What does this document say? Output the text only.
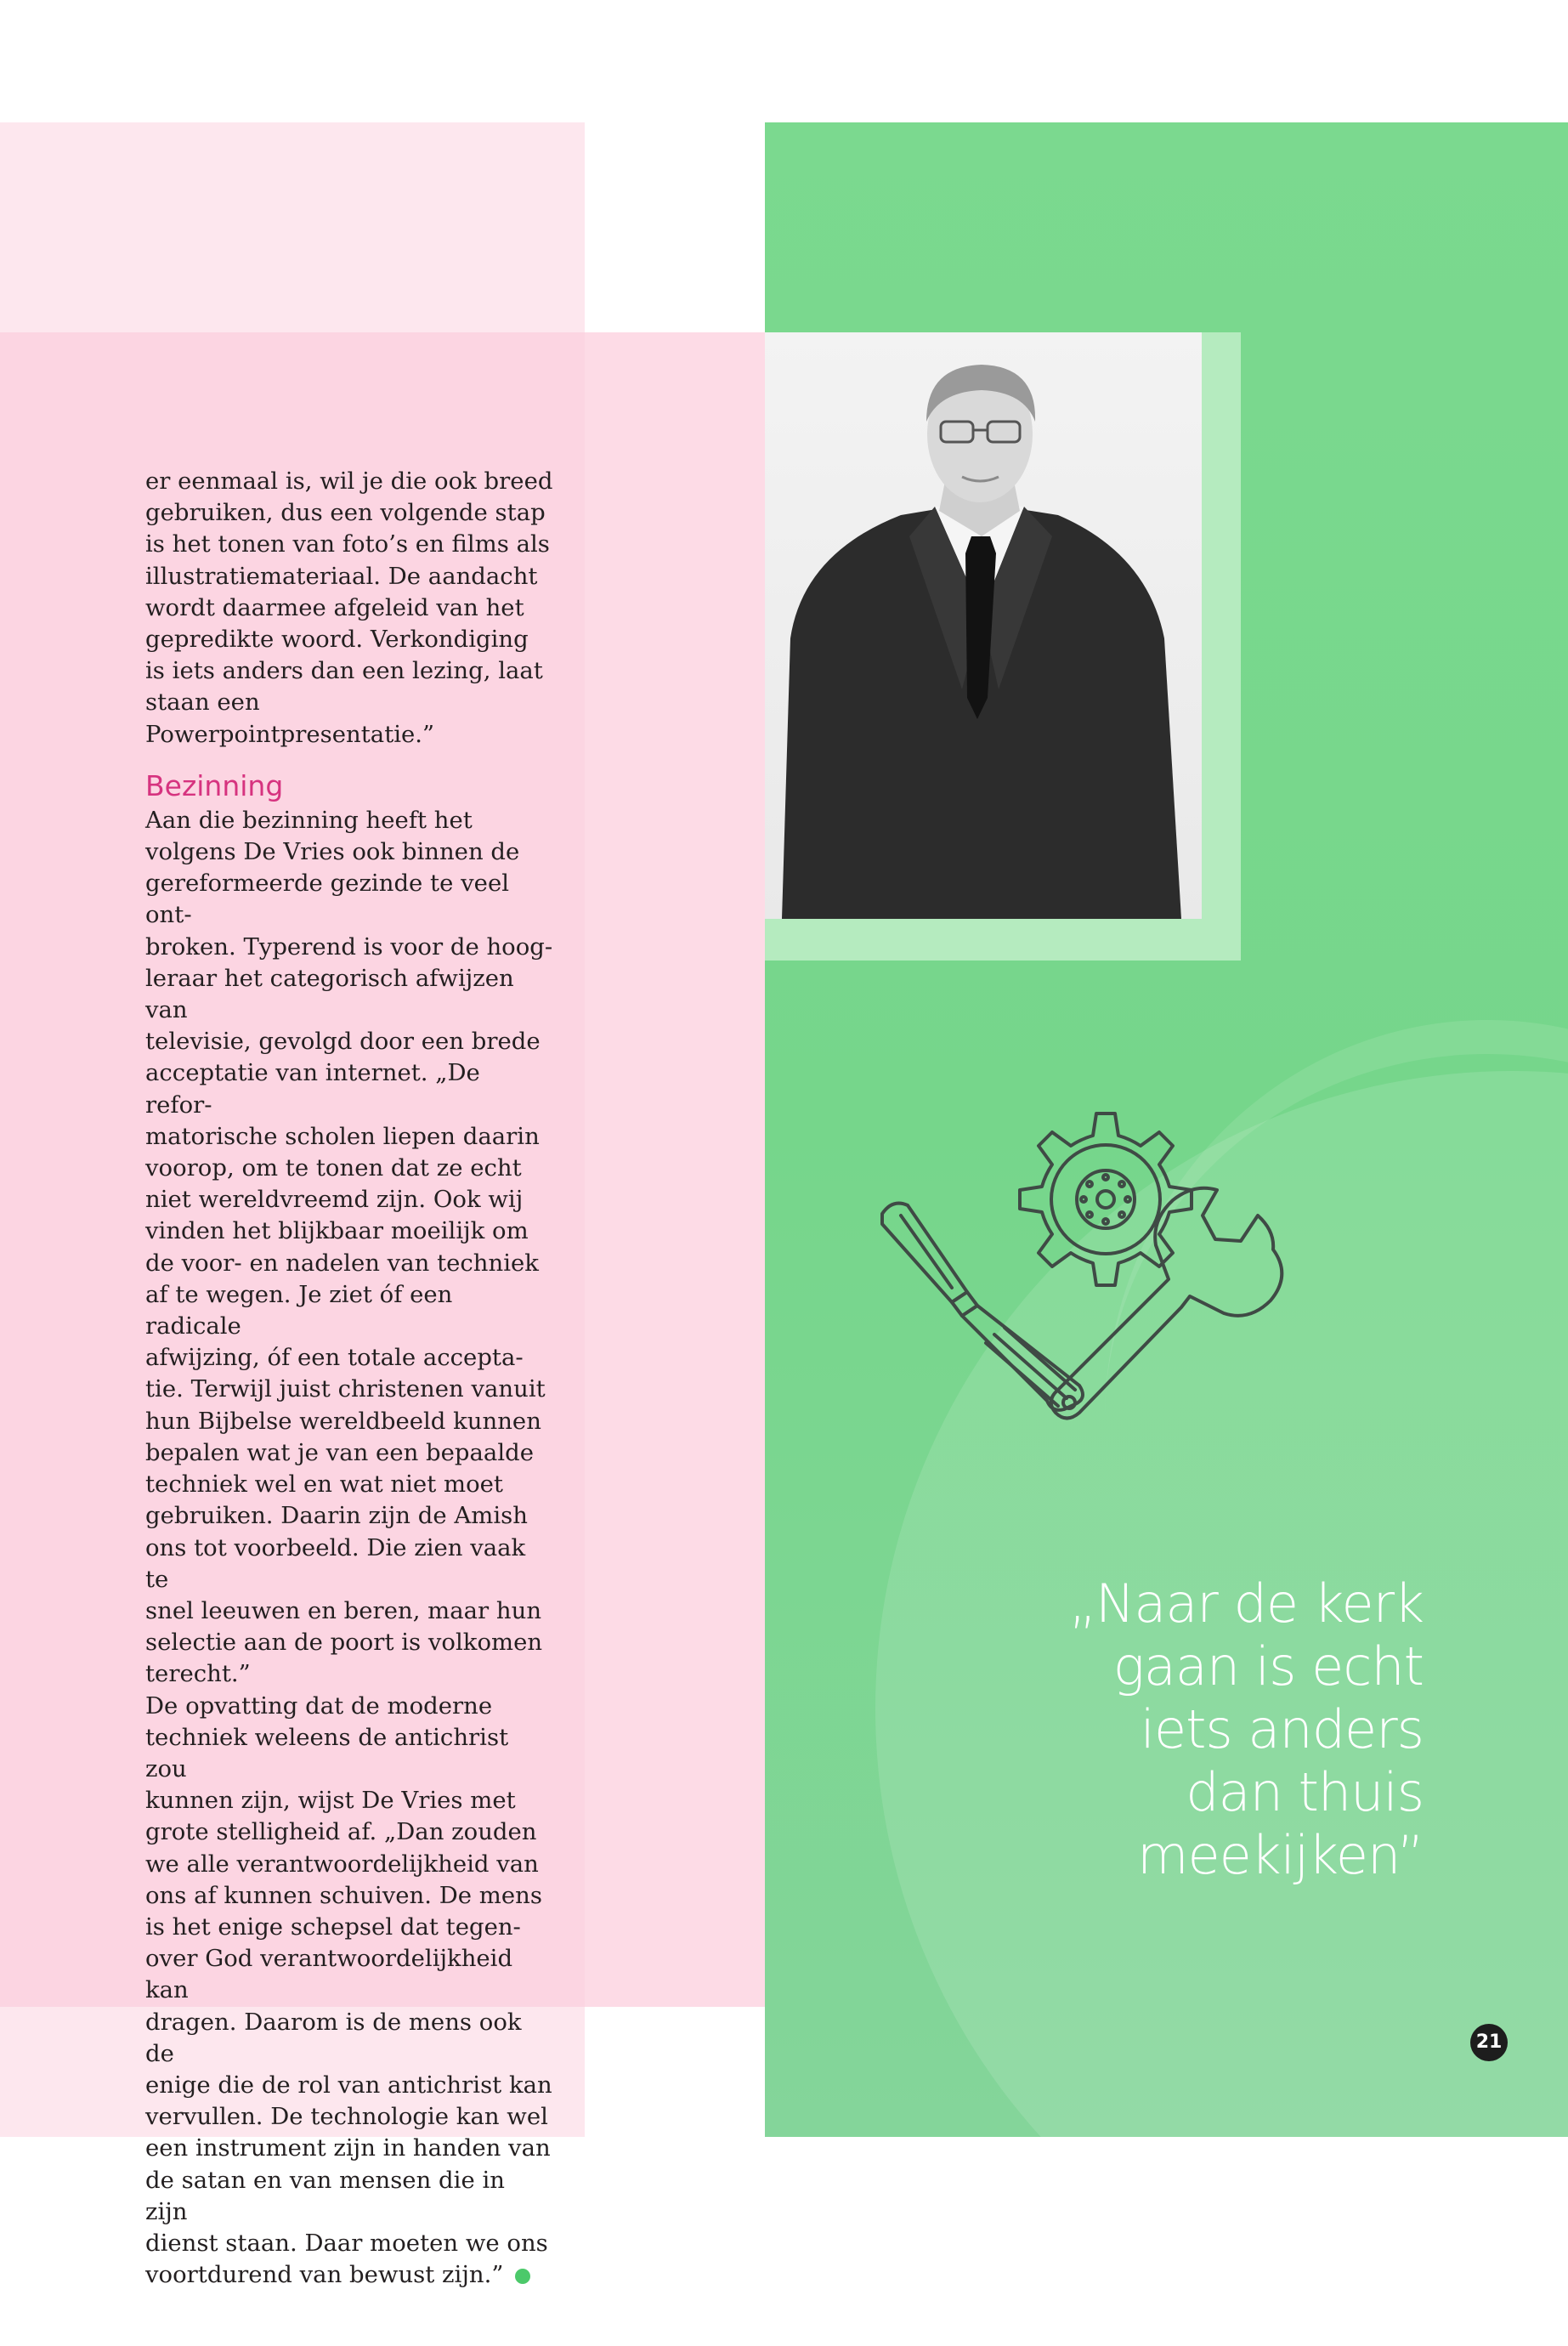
er eenmaal is, wil je die ook breed
gebruiken, dus een volgende stap
is het tonen van foto’s en films als
illustratiemateriaal. De aandacht
wordt daarmee afgeleid van het
gepredikte woord. Verkondiging
is iets anders dan een lezing, laat
staan een Powerpointpresentatie.”

Bezinning

Aan die bezinning heeft het
volgens De Vries ook binnen de
gereformeerde gezinde te veel ont-
broken. Typerend is voor de hoog-
leraar het categorisch afwijzen van
televisie, gevolgd door een brede
acceptatie van internet. „De refor-
matorische scholen liepen daarin
voorop, om te tonen dat ze echt
niet wereldvreemd zijn. Ook wij
vinden het blijkbaar moeilijk om
de voor- en nadelen van techniek
af te wegen. Je ziet óf een radicale
afwijzing, óf een totale accepta-
tie. Terwijl juist christenen vanuit
hun Bijbelse wereldbeeld kunnen
bepalen wat je van een bepaalde
techniek wel en wat niet moet
gebruiken. Daarin zijn de Amish
ons tot voorbeeld. Die zien vaak te
snel leeuwen en beren, maar hun
selectie aan de poort is volkomen
terecht.”

De opvatting dat de moderne
techniek weleens de antichrist zou
kunnen zijn, wijst De Vries met
grote stelligheid af. „Dan zouden
we alle verantwoordelijkheid van
ons af kunnen schuiven. De mens
is het enige schepsel dat tegen-
over God verantwoordelijkheid kan
dragen. Daarom is de mens ook de
enige die de rol van antichrist kan
vervullen. De technologie kan wel
een instrument zijn in handen van
de satan en van mensen die in zijn
dienst staan. Daar moeten we ons
voortdurend van bewust zijn.”

„Naar de kerk
gaan is echt
iets anders
dan thuis
meekijken”
21
